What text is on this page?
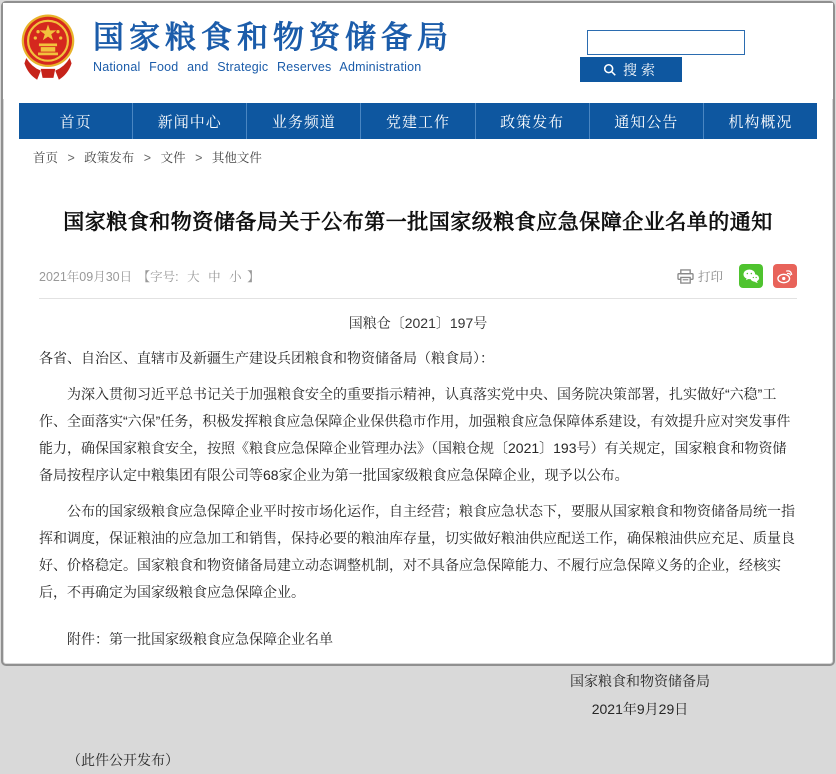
国家粮食和物资储备局
National Food and Strategic Reserves Administration	搜索
首页	新闻中心	业务频道	党建工作	政策发布	通知公告	机构概况
首页 > 政策发布 > 文件 > 其他文件
国家粮食和物资储备局关于公布第一批国家级粮食应急保障企业名单的通知
2021年09月30日 【字号: 大 中 小 】	打印
国粮仓〔2021〕197号

各省、自治区、直辖市及新疆生产建设兵团粮食和物资储备局（粮食局）：

为深入贯彻习近平总书记关于加强粮食安全的重要指示精神，认真落实党中央、国务院决策部署，扎实做好“六稳”工作、全面落实“六保”任务，积极发挥粮食应急保障企业保供稳市作用，加强粮食应急保障体系建设，有效提升应对突发事件能力，确保国家粮食安全，按照《粮食应急保障企业管理办法》（国粮仓规〔2021〕193号）有关规定，国家粮食和物资储备局按程序认定中粮集团有限公司等68家企业为第一批国家级粮食应急保障企业，现予以公布。

公布的国家级粮食应急保障企业平时按市场化运作，自主经营；粮食应急状态下，要服从国家粮食和物资储备局统一指挥和调度，保证粮油的应急加工和销售，保持必要的粮油库存量，切实做好粮油供应配送工作，确保粮油供应充足、质量良好、价格稳定。国家粮食和物资储备局建立动态调整机制，对不具备应急保障能力、不履行应急保障义务的企业，经核实后，不再确定为国家级粮食应急保障企业。

附件：第一批国家级粮食应急保障企业名单

国家粮食和物资储备局
2021年9月29日

（此件公开发布）
